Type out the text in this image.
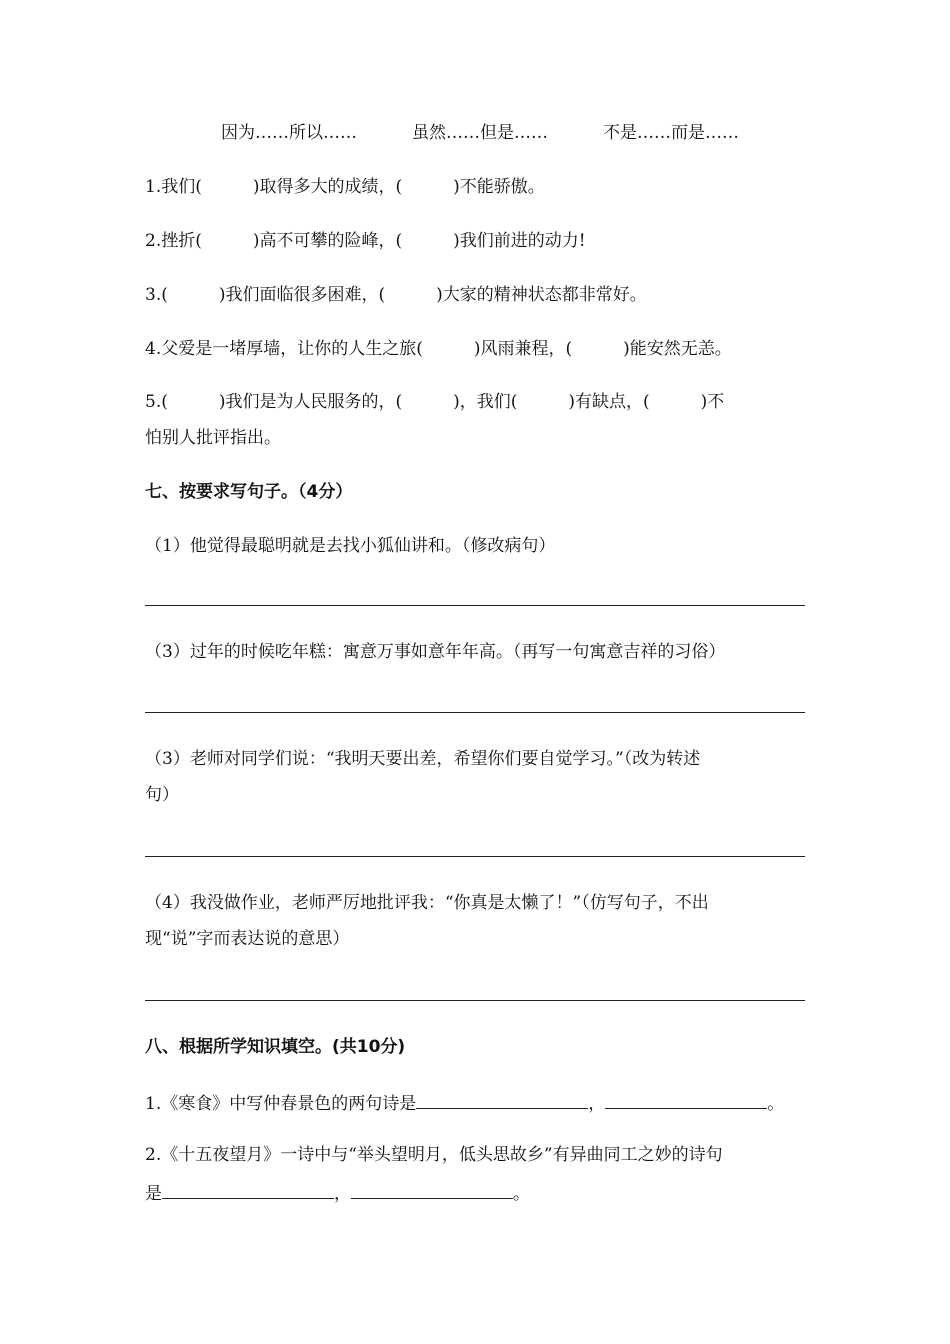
因为……所以……	虽然……但是……	不是……而是……
1.我们(　　　)取得多大的成绩，(　　　)不能骄傲。
2.挫折(　　　)高不可攀的险峰，(　　　)我们前进的动力!
3.(　　　)我们面临很多困难，(　　　)大家的精神状态都非常好。
4.父爱是一堵厚墙，让你的人生之旅(　　　)风雨兼程，(　　　)能安然无恙。
5.(　　　)我们是为人民服务的，(　　　)，我们(　　　)有缺点，(　　　)不
怕别人批评指出。
七、按要求写句子。（4分）
（1）他觉得最聪明就是去找小狐仙讲和。（修改病句）
（3）过年的时候吃年糕：寓意万事如意年年高。（再写一句寓意吉祥的习俗）
（3）老师对同学们说：“我明天要出差，希望你们要自觉学习。”（改为转述
句）
（4）我没做作业，老师严厉地批评我：“你真是太懒了！”（仿写句子，不出
现“说”字而表达说的意思）
八、根据所学知识填空。(共10分)
1.《寒食》中写仲春景色的两句诗是	，	。
2.《十五夜望月》一诗中与“举头望明月，低头思故乡”有异曲同工之妙的诗句
是	，	。
